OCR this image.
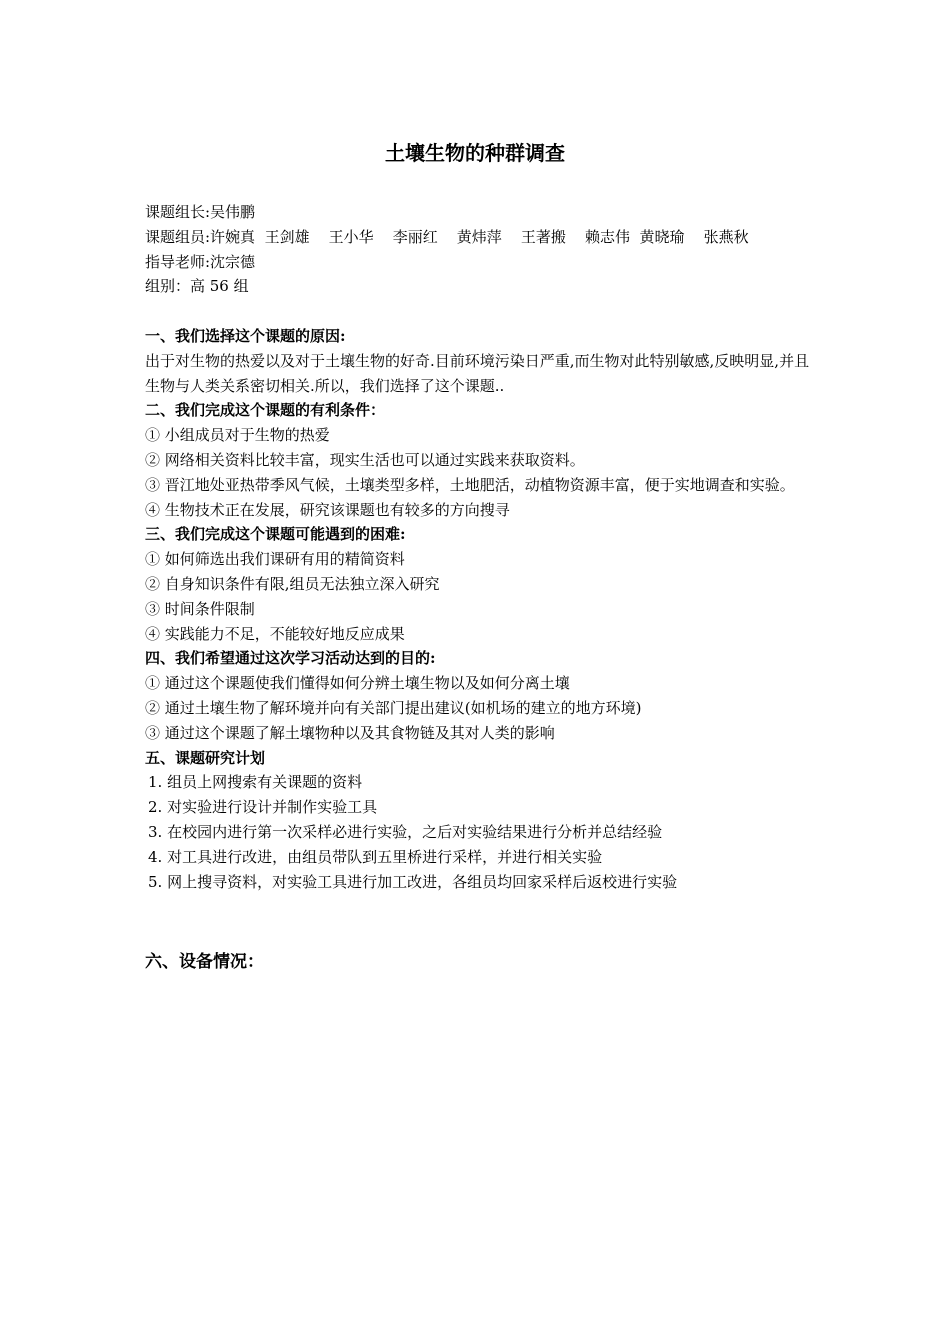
土壤生物的种群调查

课题组长:吴伟鹏

课题组员:许婉真  王剑雄    王小华    李丽红    黄炜萍    王著搬    赖志伟  黄晓瑜    张燕秋

指导老师:沈宗德

组别：高 56 组

一、我们选择这个课题的原因:

出于对生物的热爱以及对于土壤生物的好奇.目前环境污染日严重,而生物对此特别敏感,反映明显,并且生物与人类关系密切相关.所以，我们选择了这个课题..

二、我们完成这个课题的有利条件：

① 小组成员对于生物的热爱

② 网络相关资料比较丰富，现实生活也可以通过实践来获取资料。

③ 晋江地处亚热带季风气候，土壤类型多样，土地肥活，动植物资源丰富，便于实地调查和实验。

④ 生物技术正在发展，研究该课题也有较多的方向搜寻

三、我们完成这个课题可能遇到的困难:

① 如何筛选出我们课研有用的精简资料

② 自身知识条件有限,组员无法独立深入研究

③ 时间条件限制

④ 实践能力不足，不能较好地反应成果

四、我们希望通过这次学习活动达到的目的:

① 通过这个课题使我们懂得如何分辨土壤生物以及如何分离土壤

② 通过土壤生物了解环境并向有关部门提出建议(如机场的建立的地方环境)

③ 通过这个课题了解土壤物种以及其食物链及其对人类的影响

五、课题研究计划

1. 组员上网搜索有关课题的资料

2. 对实验进行设计并制作实验工具

3. 在校园内进行第一次采样必进行实验，之后对实验结果进行分析并总结经验

4. 对工具进行改进，由组员带队到五里桥进行采样，并进行相关实验

5. 网上搜寻资料，对实验工具进行加工改进，各组员均回家采样后返校进行实验

六、设备情况：
